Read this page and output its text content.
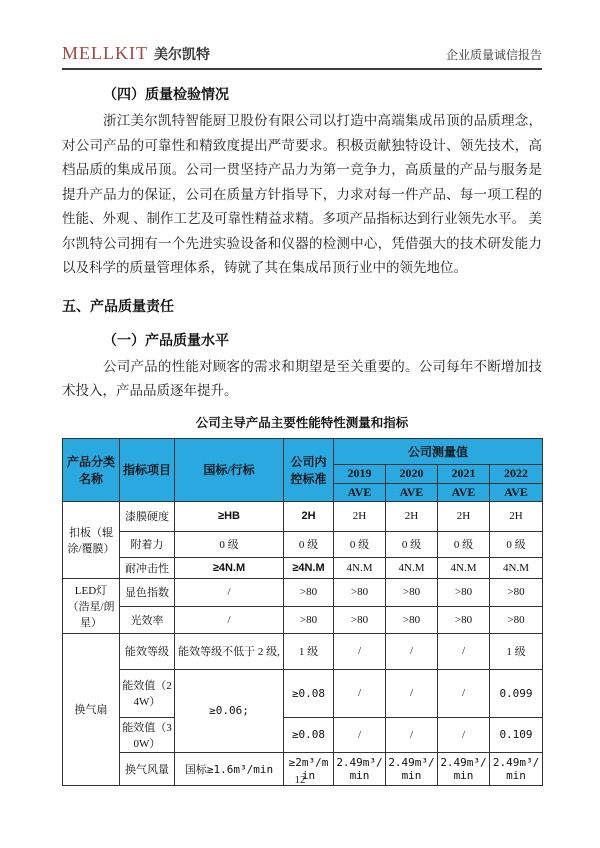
MELLKIT 美尔凯特	企业质量诚信报告
（四）质量检验情况

浙江美尔凯特智能厨卫股份有限公司以打造中高端集成吊顶的品质理念，对公司产品的可靠性和精致度提出严苛要求。积极贡献独特设计、领先技术，高档品质的集成吊顶。公司一贯坚持产品力为第一竞争力，高质量的产品与服务是提升产品力的保证，公司在质量方针指导下，力求对每一件产品、每一项工程的性能、外观 、制作工艺及可靠性精益求精。多项产品指标达到行业领先水平。 美尔凯特公司拥有一个先进实验设备和仪器的检测中心，凭借强大的技术研发能力以及科学的质量管理体系，铸就了其在集成吊顶行业中的领先地位。

五、产品质量责任
（一）产品质量水平

公司产品的性能对顾客的需求和期望是至关重要的。公司每年不断增加技术投入，产品品质逐年提升。

公司主导产品主要性能特性测量和指标
产品分类名称	指标项目	国标/行标	公司内控标准	公司测量值			
				2019	2020	2021	2022
				AVE	AVE	AVE	AVE
扣板（辊涂/覆膜）	漆膜硬度	≥HB	2H	2H	2H	2H	2H
	附着力	0 级	0 级	0 级	0 级	0 级	0 级
	耐冲击性	≥4N.M	≥4N.M	4N.M	4N.M	4N.M	4N.M
LED灯（浩星/朗星）	显色指数	/	>80	>80	>80	>80	>80
	光效率	/	>80	>80	>80	>80	>80
换气扇	能效等级	能效等级不低于 2 级,	1 级	/	/	/	1 级
	能效值（24W）	≥0.06;	≥0.08	/	/	/	0.099
	能效值（30W）		≥0.08	/	/	/	0.109
	换气风量	国标≥1.6m³/min	≥2m³/min	2.49m³/min	2.49m³/min	2.49m³/min	2.49m³/min
12
